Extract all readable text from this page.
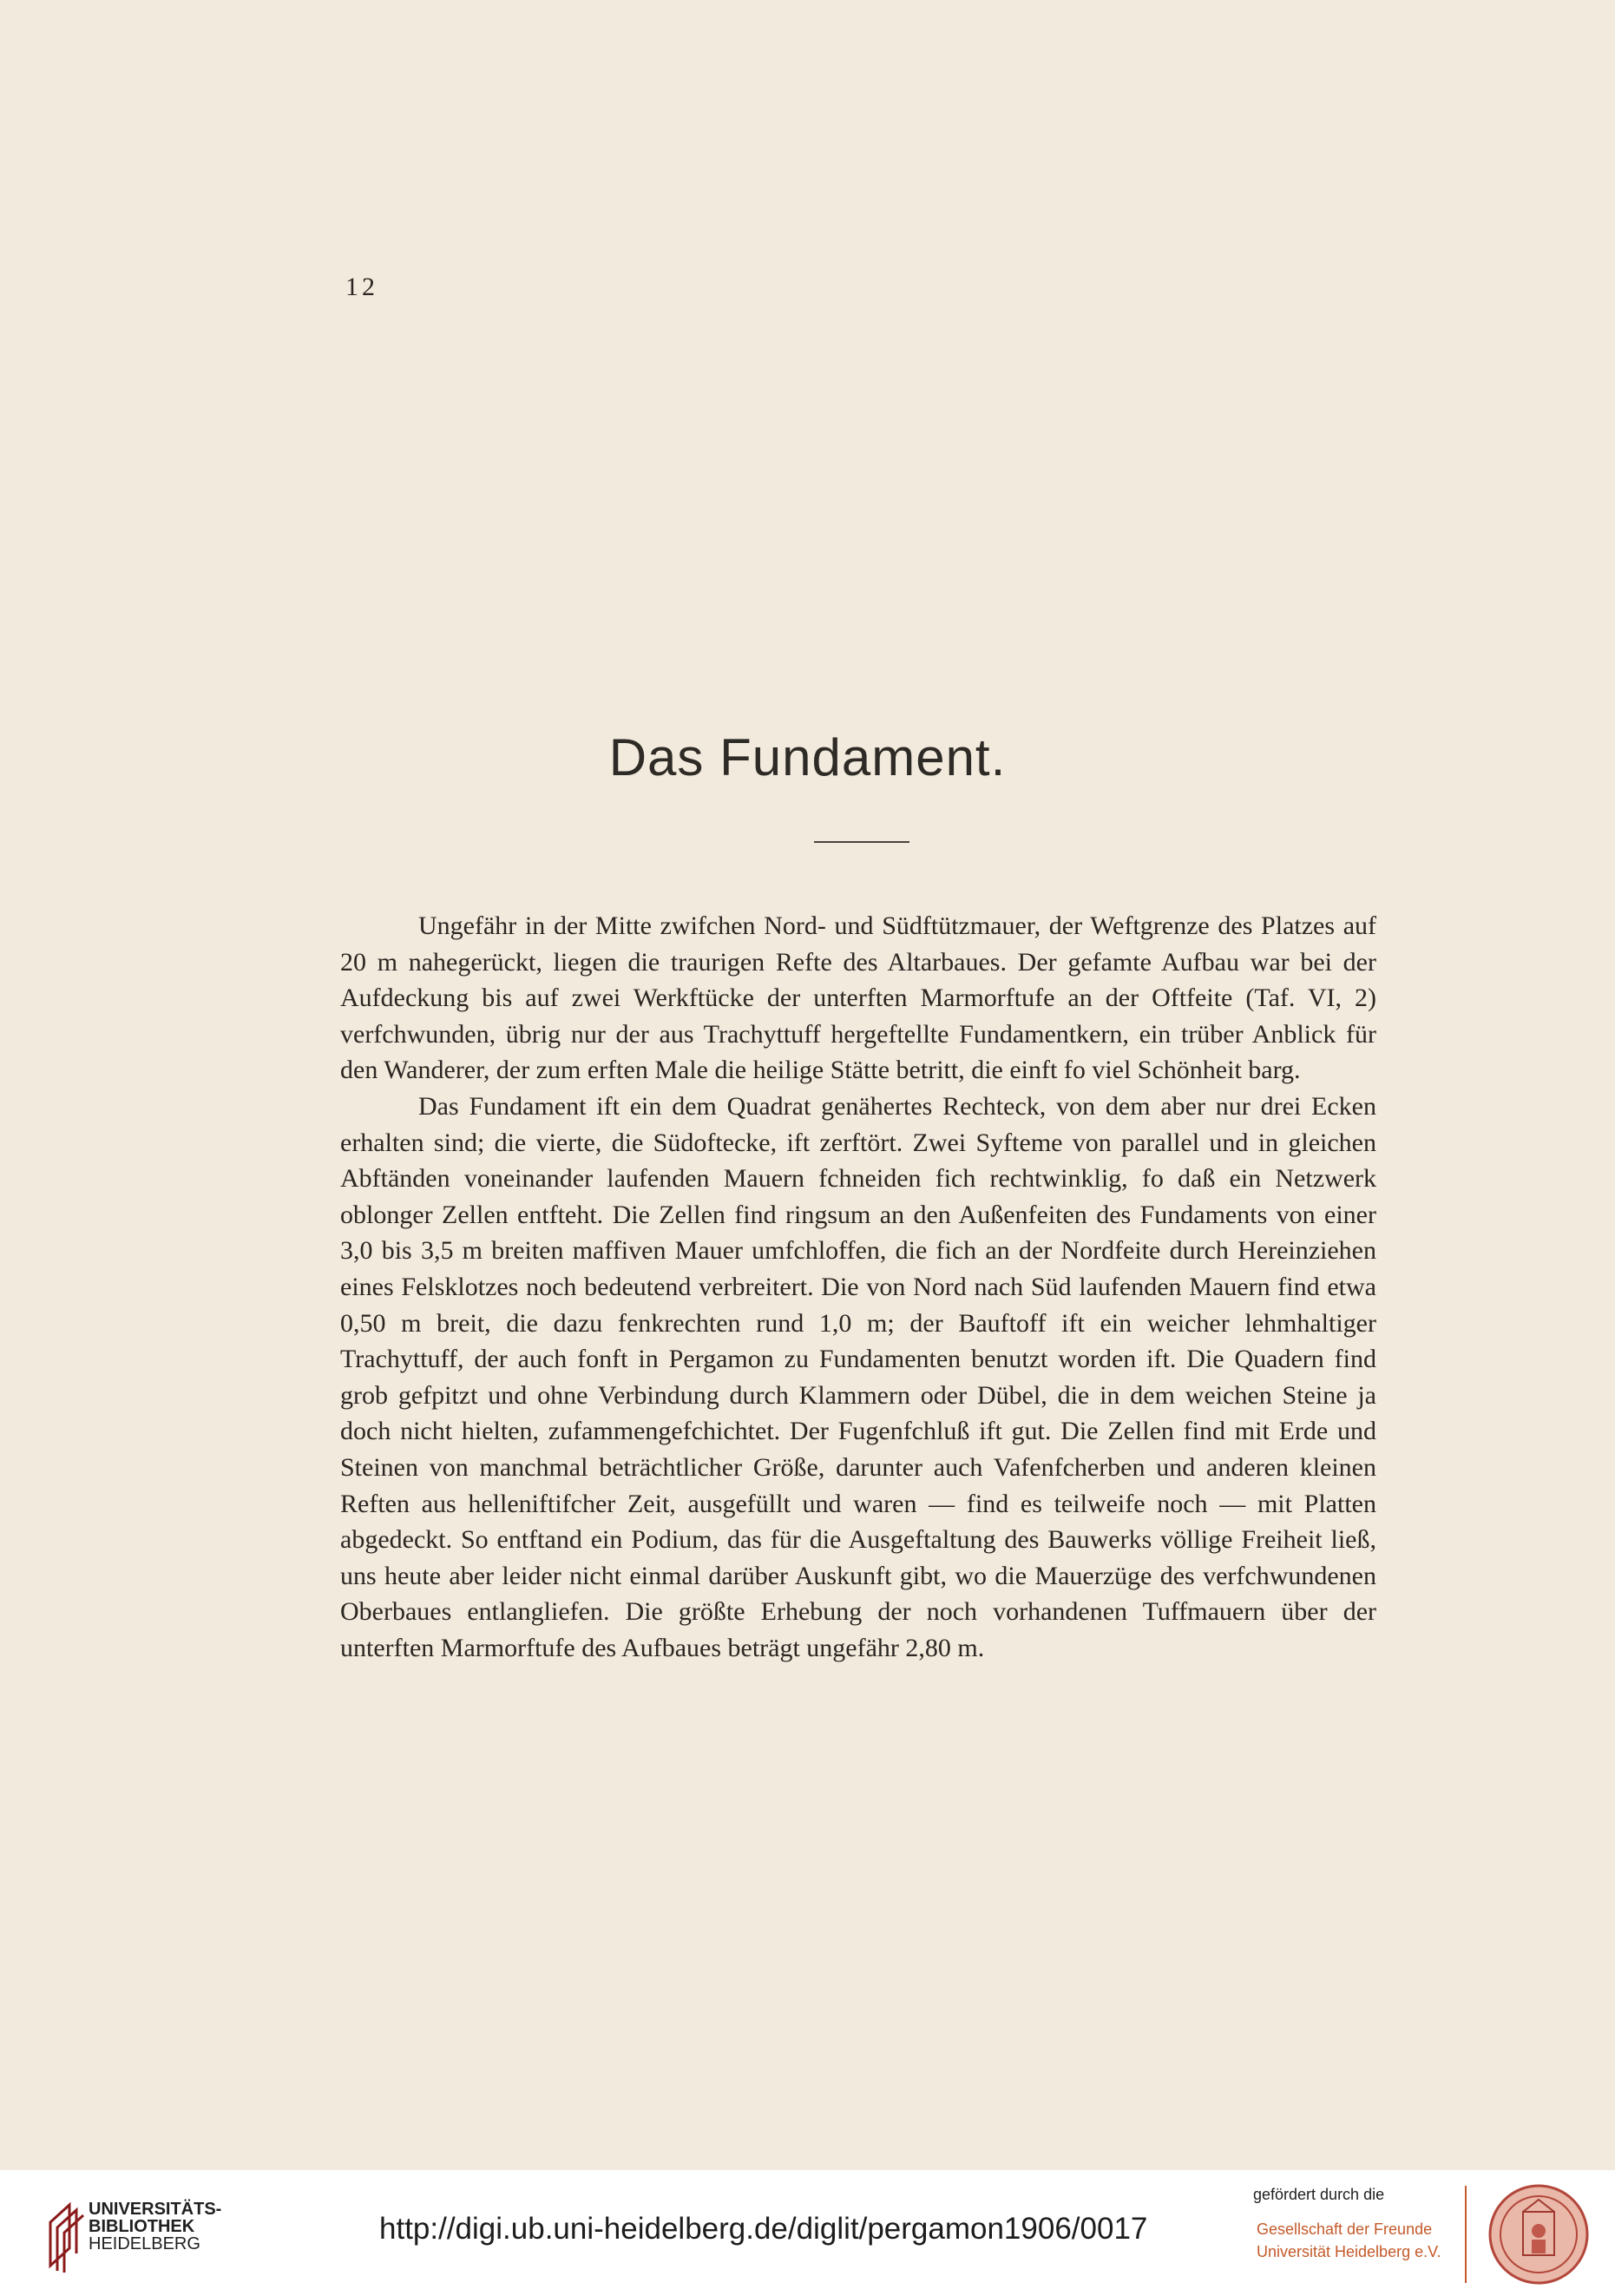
12
Das Fundament.

Ungefähr in der Mitte zwifchen Nord- und Südftützmauer, der Weftgrenze des Platzes auf 20 m nahegerückt, liegen die traurigen Refte des Altarbaues. Der gefamte Aufbau war bei der Aufdeckung bis auf zwei Werkftücke der unterften Marmorftufe an der Oftfeite (Taf. VI, 2) verfchwunden, übrig nur der aus Trachyttuff hergeftellte Fundamentkern, ein trüber Anblick für den Wanderer, der zum erften Male die heilige Stätte betritt, die einft fo viel Schönheit barg.

Das Fundament ift ein dem Quadrat genähertes Rechteck, von dem aber nur drei Ecken erhalten sind; die vierte, die Südoftecke, ift zerftört. Zwei Syfteme von parallel und in gleichen Abftänden voneinander laufenden Mauern fchneiden fich rechtwinklig, fo daß ein Netzwerk oblonger Zellen entfteht. Die Zellen find ringsum an den Außenfeiten des Fundaments von einer 3,0 bis 3,5 m breiten maffiven Mauer umfchloffen, die fich an der Nordfeite durch Hereinziehen eines Felsklotzes noch bedeutend verbreitert. Die von Nord nach Süd laufenden Mauern find etwa 0,50 m breit, die dazu fenkrechten rund 1,0 m; der Bauftoff ift ein weicher lehmhaltiger Trachyttuff, der auch fonft in Pergamon zu Fundamenten benutzt worden ift. Die Quadern find grob gefpitzt und ohne Verbindung durch Klammern oder Dübel, die in dem weichen Steine ja doch nicht hielten, zufammengefchichtet. Der Fugenfchluß ift gut. Die Zellen find mit Erde und Steinen von manchmal beträchtlicher Größe, darunter auch Vafenfcherben und anderen kleinen Reften aus helleniftifcher Zeit, ausgefüllt und waren — find es teilweife noch — mit Platten abgedeckt. So entftand ein Podium, das für die Ausgeftaltung des Bauwerks völlige Freiheit ließ, uns heute aber leider nicht einmal darüber Auskunft gibt, wo die Mauerzüge des verfchwundenen Oberbaues entlangliefen. Die größte Erhebung der noch vorhandenen Tuffmauern über der unterften Marmorftufe des Aufbaues beträgt ungefähr 2,80 m.

UNIVERSITÄTS-
BIBLIOTHEK
HEIDELBERG	http://digi.ub.uni-heidelberg.de/diglit/pergamon1906/0017
gefördert durch die
Gesellschaft der Freunde
Universität Heidelberg e.V.
